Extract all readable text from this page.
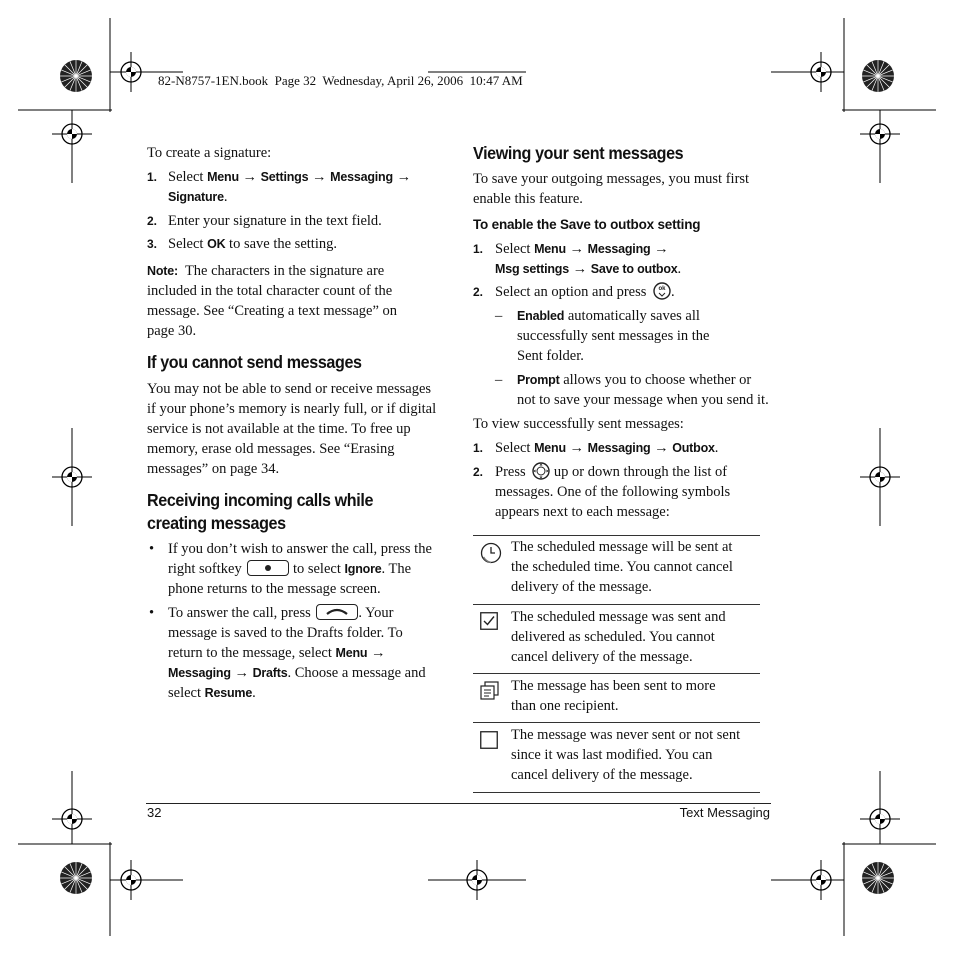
82-N8757-1EN.book  Page 32  Wednesday, April 26, 2006  10:47 AM
To create a signature:
1. Select Menu → Settings → Messaging →
Signature.
2. Enter your signature in the text field.
3. Select OK to save the setting.
Note: The characters in the signature are
included in the total character count of the
message. See “Creating a text message” on
page 30.
If you cannot send messages
You may not be able to send or receive messages
if your phone’s memory is nearly full, or if digital
service is not available at the time. To free up
memory, erase old messages. See “Erasing
messages” on page 34.
Receiving incoming calls while
creating messages
• If you don’t wish to answer the call, press the
right softkey	to select Ignore. The
phone returns to the message screen.
• To answer the call, press	. Your
message is saved to the Drafts folder. To
return to the message, select Menu →
Messaging → Drafts. Choose a message and
select Resume.
Viewing your sent messages
To save your outgoing messages, you must first
enable this feature.
To enable the Save to outbox setting
1. Select Menu → Messaging →
Msg settings → Save to outbox.
2. Select an option and press ok .
– Enabled automatically saves all
successfully sent messages in the
Sent folder.
– Prompt allows you to choose whether or
not to save your message when you send it.
To view successfully sent messages:
1. Select Menu → Messaging → Outbox.
2. Press  up or down through the list of
messages. One of the following symbols
appears next to each message:
The scheduled message will be sent at
the scheduled time. You cannot cancel
delivery of the message.
The scheduled message was sent and
delivered as scheduled. You cannot
cancel delivery of the message.
The message has been sent to more
than one recipient.
The message was never sent or not sent
since it was last modified. You can
cancel delivery of the message.
32	Text Messaging
